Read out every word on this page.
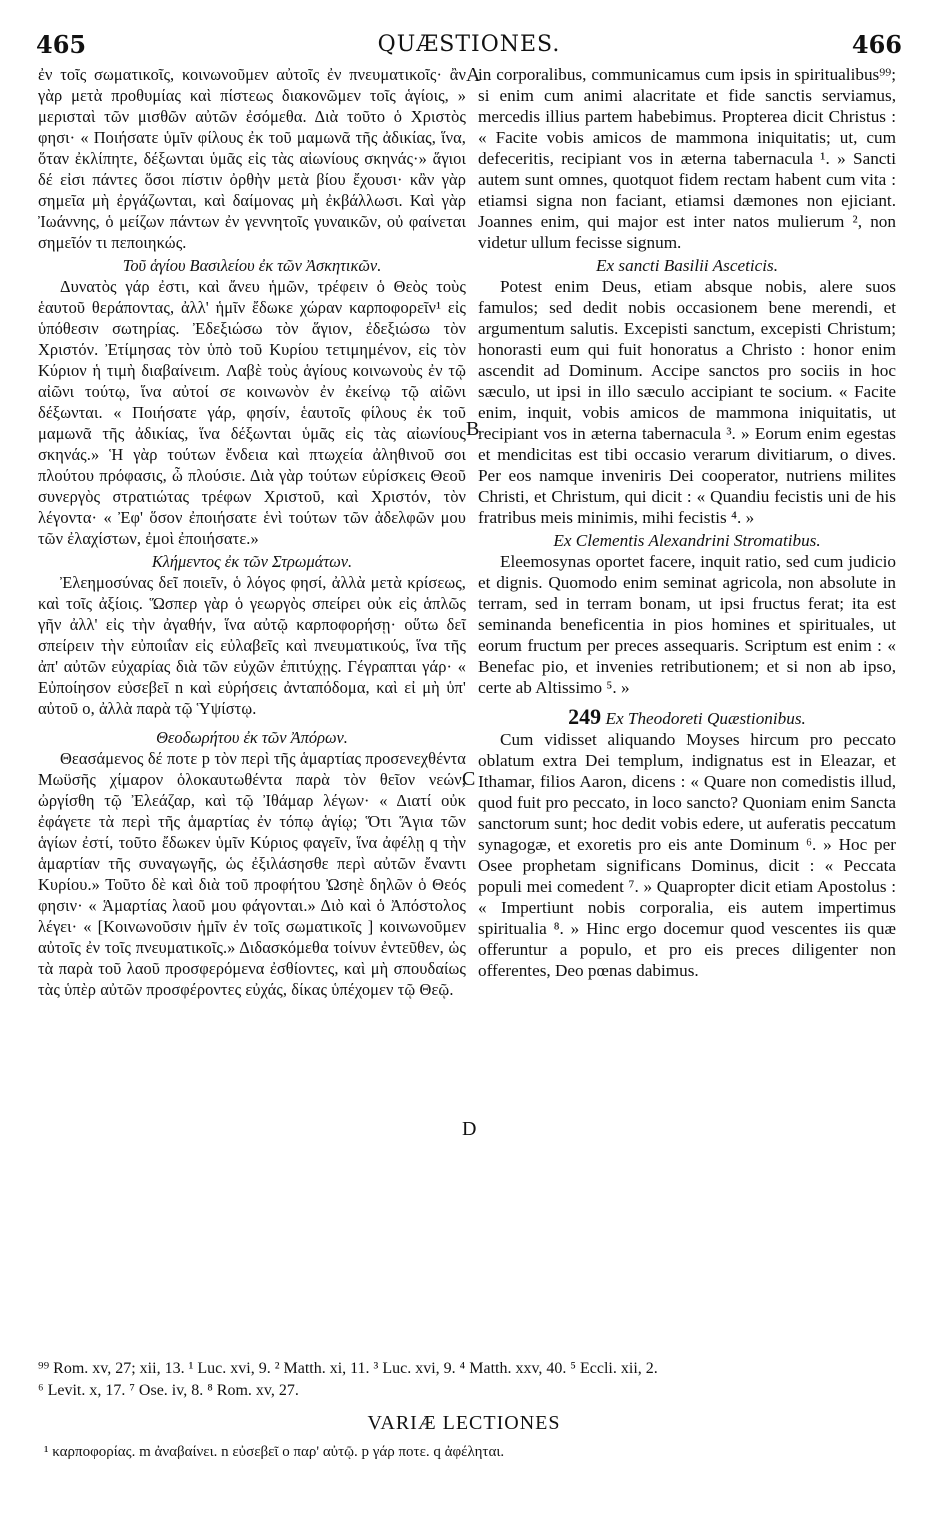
465	QUÆSTIONES.	466

ἐν τοῖς σωματικοῖς, κοινωνοῦμεν αὐτοῖς ἐν πνευματικοῖς· ἂν γὰρ μετὰ προθυμίας καὶ πίστεως διακονῶμεν τοῖς ἁγίοις, » μερισταὶ τῶν μισθῶν αὐτῶν ἐσόμεθα. Διὰ τοῦτο ὁ Χριστὸς φησι· « Ποιήσατε ὑμῖν φίλους ἐκ τοῦ μαμωνᾶ τῆς ἀδικίας, ἵνα, ὅταν ἐκλίπητε, δέξωνται ὑμᾶς εἰς τὰς αἰωνίους σκηνάς·» ἅγιοι δέ εἰσι πάντες ὅσοι πίστιν ὀρθὴν μετὰ βίου ἔχουσι· κἂν γὰρ σημεῖα μὴ ἐργάζωνται, καὶ δαίμονας μὴ ἐκβάλλωσι. Καὶ γὰρ Ἰωάννης, ὁ μείζων πάντων ἐν γεννητοῖς γυναικῶν, οὐ φαίνεται σημεῖόν τι πεποιηκώς.

Τοῦ ἁγίου Βασιλείου ἐκ τῶν Ἀσκητικῶν.

Δυνατὸς γάρ ἐστι, καὶ ἄνευ ἡμῶν, τρέφειν ὁ Θεὸς τοὺς ἑαυτοῦ θεράποντας, ἀλλ' ἡμῖν ἔδωκε χώραν καρποφορεῖν¹ εἰς ὑπόθεσιν σωτηρίας. Ἐδεξιώσω τὸν ἅγιον, ἐδεξιώσω τὸν Χριστόν. Ἐτίμησας τὸν ὑπὸ τοῦ Κυρίου τετιμημένον, εἰς τὸν Κύριον ἡ τιμὴ διαβαίνειm. Λαβὲ τοὺς ἁγίους κοινωνοὺς ἐν τῷ αἰῶνι τούτῳ, ἵνα αὐτοί σε κοινωνὸν ἐν ἐκείνῳ τῷ αἰῶνι δέξωνται. « Ποιήσατε γάρ, φησίν, ἑαυτοῖς φίλους ἐκ τοῦ μαμωνᾶ τῆς ἀδικίας, ἵνα δέξωνται ὑμᾶς εἰς τὰς αἰωνίους σκηνάς.» Ἡ γὰρ τούτων ἔνδεια καὶ πτωχεία ἀληθινοῦ σοι πλούτου πρόφασις, ὦ πλούσιε. Διὰ γὰρ τούτων εὑρίσκεις Θεοῦ συνεργὸς στρατιώτας τρέφων Χριστοῦ, καὶ Χριστόν, τὸν λέγοντα· « Ἐφ' ὅσον ἐποιήσατε ἑνὶ τούτων τῶν ἀδελφῶν μου τῶν ἐλαχίστων, ἐμοὶ ἐποιήσατε.»

Κλήμεντος ἐκ τῶν Στρωμάτων.

Ἐλεημοσύνας δεῖ ποιεῖν, ὁ λόγος φησί, ἀλλὰ μετὰ κρίσεως, καὶ τοῖς ἀξίοις. Ὥσπερ γὰρ ὁ γεωργὸς σπείρει οὐκ εἰς ἁπλῶς γῆν ἀλλ' εἰς τὴν ἀγαθήν, ἵνα αὐτῷ καρποφορήσῃ· οὕτω δεῖ σπείρειν τὴν εὐποιΐαν εἰς εὐλαβεῖς καὶ πνευματικούς, ἵνα τῆς ἀπ' αὐτῶν εὐχαρίας διὰ τῶν εὐχῶν ἐπιτύχῃς. Γέγραπται γάρ· « Εὐποίησον εὐσεβεῖ n καὶ εὑρήσεις ἀνταπόδομα, καὶ εἰ μὴ ὑπ' αὐτοῦ o, ἀλλὰ παρὰ τῷ Ὑψίστῳ.

Θεοδωρήτου ἐκ τῶν Ἀπόρων.

Θεασάμενος δέ ποτε p τὸν περὶ τῆς ἁμαρτίας προσενεχθέντα Μωϋσῆς χίμαρον ὁλοκαυτωθέντα παρὰ τὸν θεῖον νεών, ὠργίσθη τῷ Ἐλεάζαρ, καὶ τῷ Ἰθάμαρ λέγων· « Διατί οὐκ ἐφάγετε τὰ περὶ τῆς ἁμαρτίας ἐν τόπῳ ἁγίῳ; Ὅτι Ἅγια τῶν ἁγίων ἐστί, τοῦτο ἔδωκεν ὑμῖν Κύριος φαγεῖν, ἵνα ἀφέλῃ q τὴν ἁμαρτίαν τῆς συναγωγῆς, ὡς ἐξιλάσησθε περὶ αὐτῶν ἔναντι Κυρίου.» Τοῦτο δὲ καὶ διὰ τοῦ προφήτου Ὠσηὲ δηλῶν ὁ Θεός φησιν· « Ἁμαρτίας λαοῦ μου φάγονται.» Διὸ καὶ ὁ Ἀπόστολος λέγει· « [Κοινωνοῦσιν ἡμῖν ἐν τοῖς σωματικοῖς ] κοινωνοῦμεν αὐτοῖς ἐν τοῖς πνευματικοῖς.» Διδασκόμεθα τοίνυν ἐντεῦθεν, ὡς τὰ παρὰ τοῦ λαοῦ προσφερόμενα ἐσθίοντες, καὶ μὴ σπουδαίως τὰς ὑπὲρ αὐτῶν προσφέροντες εὐχάς, δίκας ὑπέχομεν τῷ Θεῷ.

A
B
C
D

in corporalibus, communicamus cum ipsis in spiritualibus⁹⁹; si enim cum animi alacritate et fide sanctis serviamus, mercedis illius partem habebimus. Propterea dicit Christus : « Facite vobis amicos de mammona iniquitatis; ut, cum defeceritis, recipiant vos in æterna tabernacula ¹. » Sancti autem sunt omnes, quotquot fidem rectam habent cum vita : etiamsi signa non faciant, etiamsi dæmones non ejiciant. Joannes enim, qui major est inter natos mulierum ², non videtur ullum fecisse signum.

Ex sancti Basilii Asceticis.

Potest enim Deus, etiam absque nobis, alere suos famulos; sed dedit nobis occasionem bene merendi, et argumentum salutis. Excepisti sanctum, excepisti Christum; honorasti eum qui fuit honoratus a Christo : honor enim ascendit ad Dominum. Accipe sanctos pro sociis in hoc sæculo, ut ipsi in illo sæculo accipiant te socium. « Facite enim, inquit, vobis amicos de mammona iniquitatis, ut recipiant vos in æterna tabernacula ³. » Eorum enim egestas et mendicitas est tibi occasio verarum divitiarum, o dives. Per eos namque inveniris Dei cooperator, nutriens milites Christi, et Christum, qui dicit : « Quandiu fecistis uni de his fratribus meis minimis, mihi fecistis ⁴. »

Ex Clementis Alexandrini Stromatibus.

Eleemosynas oportet facere, inquit ratio, sed cum judicio et dignis. Quomodo enim seminat agricola, non absolute in terram, sed in terram bonam, ut ipsi fructus ferat; ita est seminanda beneficentia in pios homines et spirituales, ut eorum fructum per preces assequaris. Scriptum est enim : « Benefac pio, et invenies retributionem; et si non ab ipso, certe ab Altissimo ⁵. »

249 Ex Theodoreti Quæstionibus.

Cum vidisset aliquando Moyses hircum pro peccato oblatum extra Dei templum, indignatus est in Eleazar, et Ithamar, filios Aaron, dicens : « Quare non comedistis illud, quod fuit pro peccato, in loco sancto? Quoniam enim Sancta sanctorum sunt; hoc dedit vobis edere, ut auferatis peccatum synagogæ, et exoretis pro eis ante Dominum ⁶. » Hoc per Osee prophetam significans Dominus, dicit : « Peccata populi mei comedent ⁷. » Quapropter dicit etiam Apostolus : « Impertiunt nobis corporalia, eis autem impertimus spiritualia ⁸. » Hinc ergo docemur quod vescentes iis quæ offeruntur a populo, et pro eis preces diligenter non offerentes, Deo pœnas dabimus.

⁹⁹ Rom. xv, 27; xii, 13. ¹ Luc. xvi, 9. ² Matth. xi, 11. ³ Luc. xvi, 9. ⁴ Matth. xxv, 40. ⁵ Eccli. xii, 2.

⁶ Levit. x, 17. ⁷ Ose. iv, 8. ⁸ Rom. xv, 27.

VARIÆ LECTIONES
¹ καρποφορίας. m ἀναβαίνει. n εὐσεβεῖ o παρ' αὐτῷ. p γάρ ποτε. q ἀφέληται.
